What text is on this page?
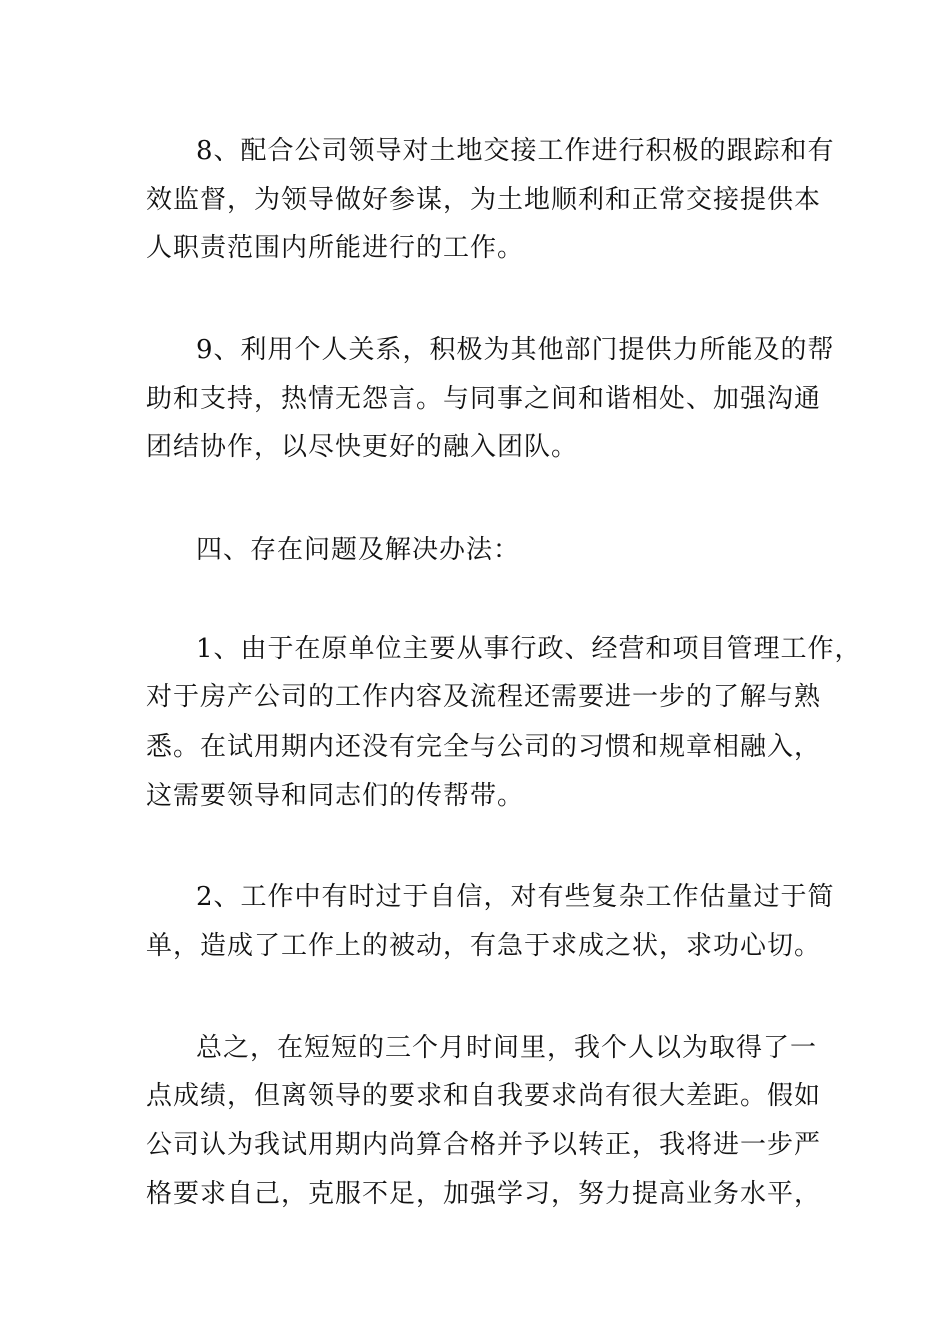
8、配合公司领导对土地交接工作进行积极的跟踪和有
效监督，为领导做好参谋，为土地顺利和正常交接提供本
人职责范围内所能进行的工作。
9、利用个人关系，积极为其他部门提供力所能及的帮
助和支持，热情无怨言。与同事之间和谐相处、加强沟通
团结协作，以尽快更好的融入团队。
四、存在问题及解决办法：
1、由于在原单位主要从事行政、经营和项目管理工作，
对于房产公司的工作内容及流程还需要进一步的了解与熟
悉。在试用期内还没有完全与公司的习惯和规章相融入，
这需要领导和同志们的传帮带。
2、工作中有时过于自信，对有些复杂工作估量过于简
单，造成了工作上的被动，有急于求成之状，求功心切。
总之，在短短的三个月时间里，我个人以为取得了一
点成绩，但离领导的要求和自我要求尚有很大差距。假如
公司认为我试用期内尚算合格并予以转正，我将进一步严
格要求自己，克服不足，加强学习，努力提高业务水平，
